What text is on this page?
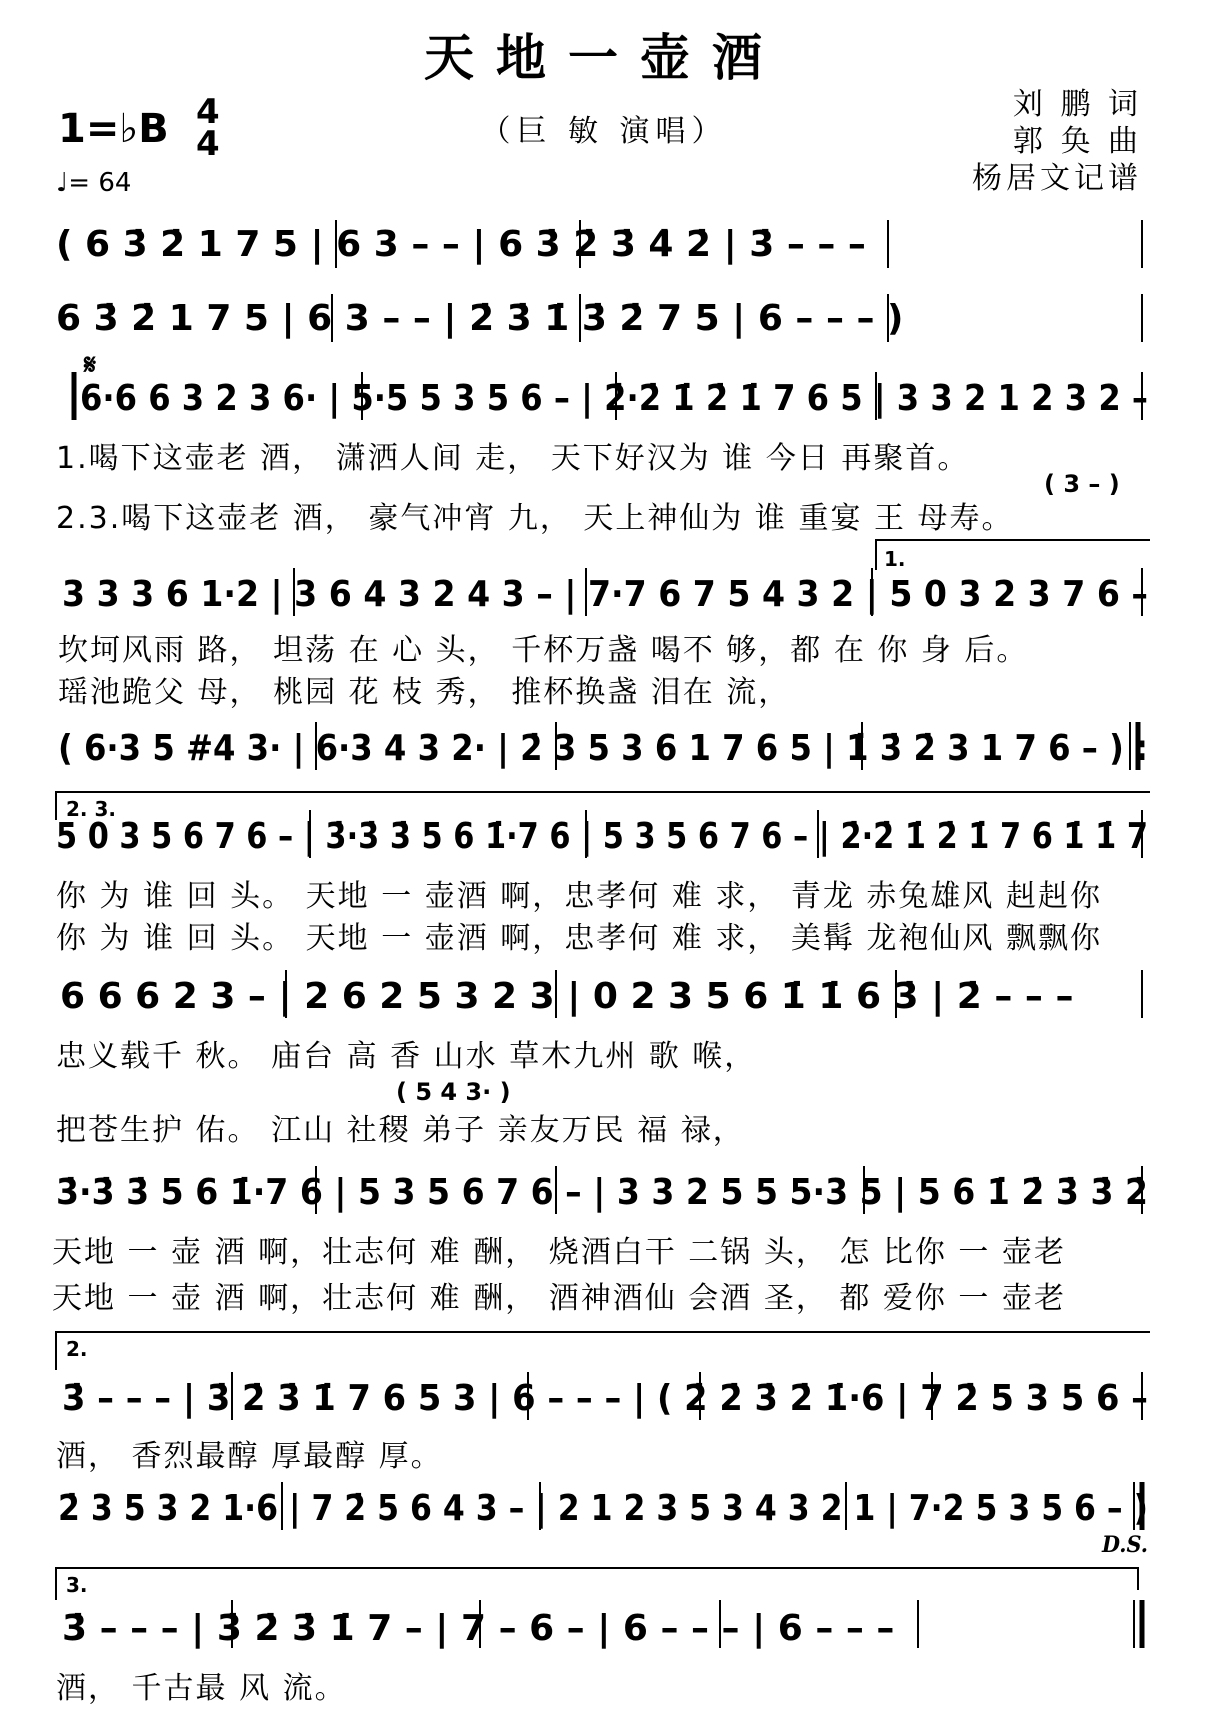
天地一壶酒
1=♭B 4
4	（巨 敏 演唱）
♩= 64
刘 鹏 词
郭 奂 曲
杨居文记谱
( 6 3̇ 2̇ 1 7 5 | 6 3 – – | 6 3̇ 2̇ 3̇ 4̇ 2̇ | 3̇ – – –
6 3̇ 2̇ 1 7 5 | 6 3 – – | 2̇ 3̇ 1̇ 3̇ 2̇ 7 5 | 6 – – – )
6·6 6 3 2 3 6· | 5·5 5 3 5 6 – | 2̇·2̇ 1̇ 2̇ 1̇ 7 6 5 | 3 3 2 1 2 3 2 –
3 3 3 6 1·2 | 3 6 4 3 2 4 3 – | 7·7 6 7 5 4 3 2 | 5 0 3 2 3 7 6 –
( 6·3 5 #4 3· | 6·3 4 3 2· | 2̇ 3 5 3 6 1 7 6 5 | 1̇ 3̇ 2̇ 3 1 7 6 – ) :
5 0 3 5 6 7 6 – | 3̇·3̇ 3̇ 5 6 1̇·7 6 | 5 3 5 6 7 6 – | 2̇·2̇ 1̇ 2̇ 1̇ 7 6 1̇ 1̇ 7
6 6 6 2 3 – | 2 6 2 5 3 2 3 | 0 2 3 5 6 1̇ 1̇ 6 3̇ | 2̇ – – –
3̇·3̇ 3̇ 5 6 1̇·7 6 | 5 3 5 6 7 6 – | 3 3 2 5 5 5·3 5 | 5 6 1̇ 2̇ 3̇ 3̇ 2̇
3̇ – – – | 3̇ 2̇ 3̇ 1̇ 7 6 5 3 | 6 – – – | ( 2̇ 2̇ 3̇ 2̇ 1̇·6 | 7 2̇ 5 3 5 6 –
2̇ 3 5 3 2 1·6 | 7 2̇ 5 6 4 3 – | 2 1 2 3 5 3 4 3 2 1 | 7·2 5 3 5 6 – )
3̇ – – – | 3̇ 2̇ 3̇ 1̇ 7 – | 7 – 6 – | 6 – – – | 6 – – –
𝄋
1.
2. 3.
2.
3.
D.S.
( 3 – )
( 5 4 3· )
1.喝下这壶老 酒， 潇洒人间 走， 天下好汉为 谁 今日 再聚首。
2.3.喝下这壶老 酒， 豪气冲宵 九， 天上神仙为 谁 重宴 王 母寿。
坎坷风雨 路， 坦荡 在 心 头， 千杯万盏 喝不 够，都 在 你 身 后。
瑶池跪父 母， 桃园 花 枝 秀， 推杯换盏 泪在 流，
你 为 谁 回 头。 天地 一 壶酒 啊，忠孝何 难 求， 青龙 赤兔雄风 赳赳你
你 为 谁 回 头。 天地 一 壶酒 啊，忠孝何 难 求， 美髯 龙袍仙风 飘飘你
忠义载千 秋。 庙台 高 香 山水 草木九州 歌 喉，
把苍生护 佑。 江山 社稷 弟子 亲友万民 福 禄，
天地 一 壶 酒 啊，壮志何 难 酬， 烧酒白干 二锅 头， 怎 比你 一 壶老
天地 一 壶 酒 啊，壮志何 难 酬， 酒神酒仙 会酒 圣， 都 爱你 一 壶老
酒， 香烈最醇 厚最醇 厚。
酒， 千古最 风 流。
